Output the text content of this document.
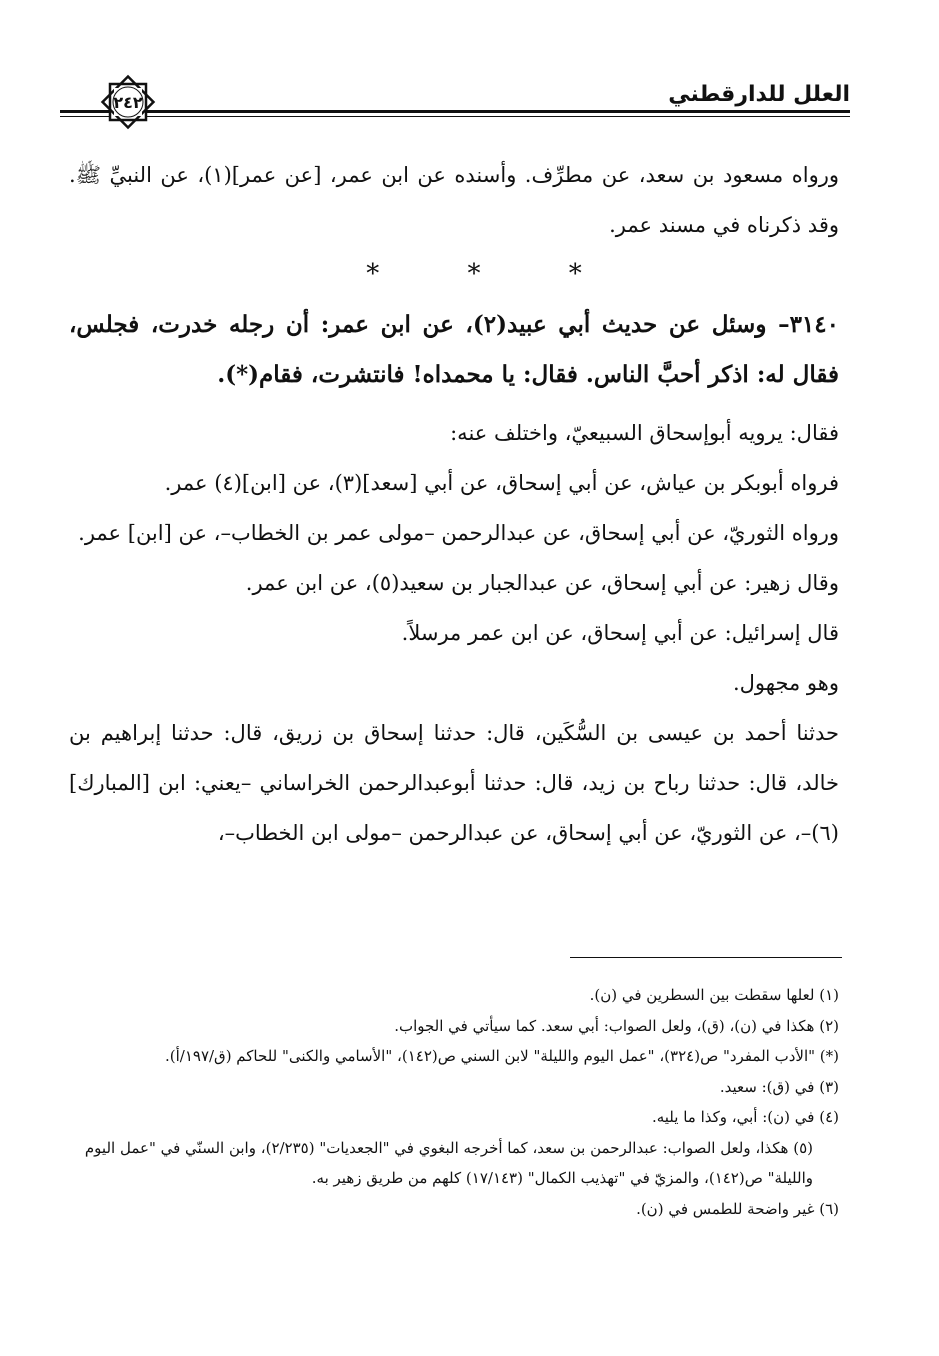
العلل للدارقطني
٢٤٢

ورواه مسعود بن سعد، عن مطرِّف. وأسنده عن ابن عمر، [عن عمر](١)، عن النبيِّ ﷺ. وقد ذكرناه في مسند عمر.

* * *

٣١٤٠– وسئل عن حديث أبي عبيد(٢)، عن ابن عمر: أن رجله خدرت، فجلس، فقال له: اذكر أحبَّ الناس. فقال: يا محمداه! فانتشرت، فقام(*).

فقال: يرويه أبوإسحاق السبيعيّ، واختلف عنه:

فرواه أبوبكر بن عياش، عن أبي إسحاق، عن أبي [سعد](٣)، عن [ابن](٤) عمر.

ورواه الثوريّ، عن أبي إسحاق، عن عبدالرحمن –مولى عمر بن الخطاب–، عن [ابن] عمر.

وقال زهير: عن أبي إسحاق، عن عبدالجبار بن سعيد(٥)، عن ابن عمر.

قال إسرائيل: عن أبي إسحاق، عن ابن عمر مرسلاً.

وهو مجهول.

حدثنا أحمد بن عيسى بن السُّكَين، قال: حدثنا إسحاق بن زريق، قال: حدثنا إبراهيم بن خالد، قال: حدثنا رباح بن زيد، قال: حدثنا أبوعبدالرحمن الخراساني –يعني: ابن [المبارك](٦)–، عن الثوريّ، عن أبي إسحاق، عن عبدالرحمن –مولى ابن الخطاب–،

(١) لعلها سقطت بين السطرين في (ن).

(٢) هكذا في (ن)، (ق)، ولعل الصواب: أبي سعد. كما سيأتي في الجواب.

(*) "الأدب المفرد" ص(٣٢٤)، "عمل اليوم والليلة" لابن السني ص(١٤٢)، "الأسامي والكنى" للحاكم (ق/١٩٧/أ).

(٣) في (ق): سعيد.

(٤) في (ن): أبي، وكذا ما يليه.

(٥) هكذا، ولعل الصواب: عبدالرحمن بن سعد، كما أخرجه البغوي في "الجعديات" (٢/٢٣٥)، وابن السنّي في "عمل اليوم والليلة" ص(١٤٢)، والمزيّ في "تهذيب الكمال" (١٧/١٤٣) كلهم من طريق زهير به.

(٦) غير واضحة للطمس في (ن).
